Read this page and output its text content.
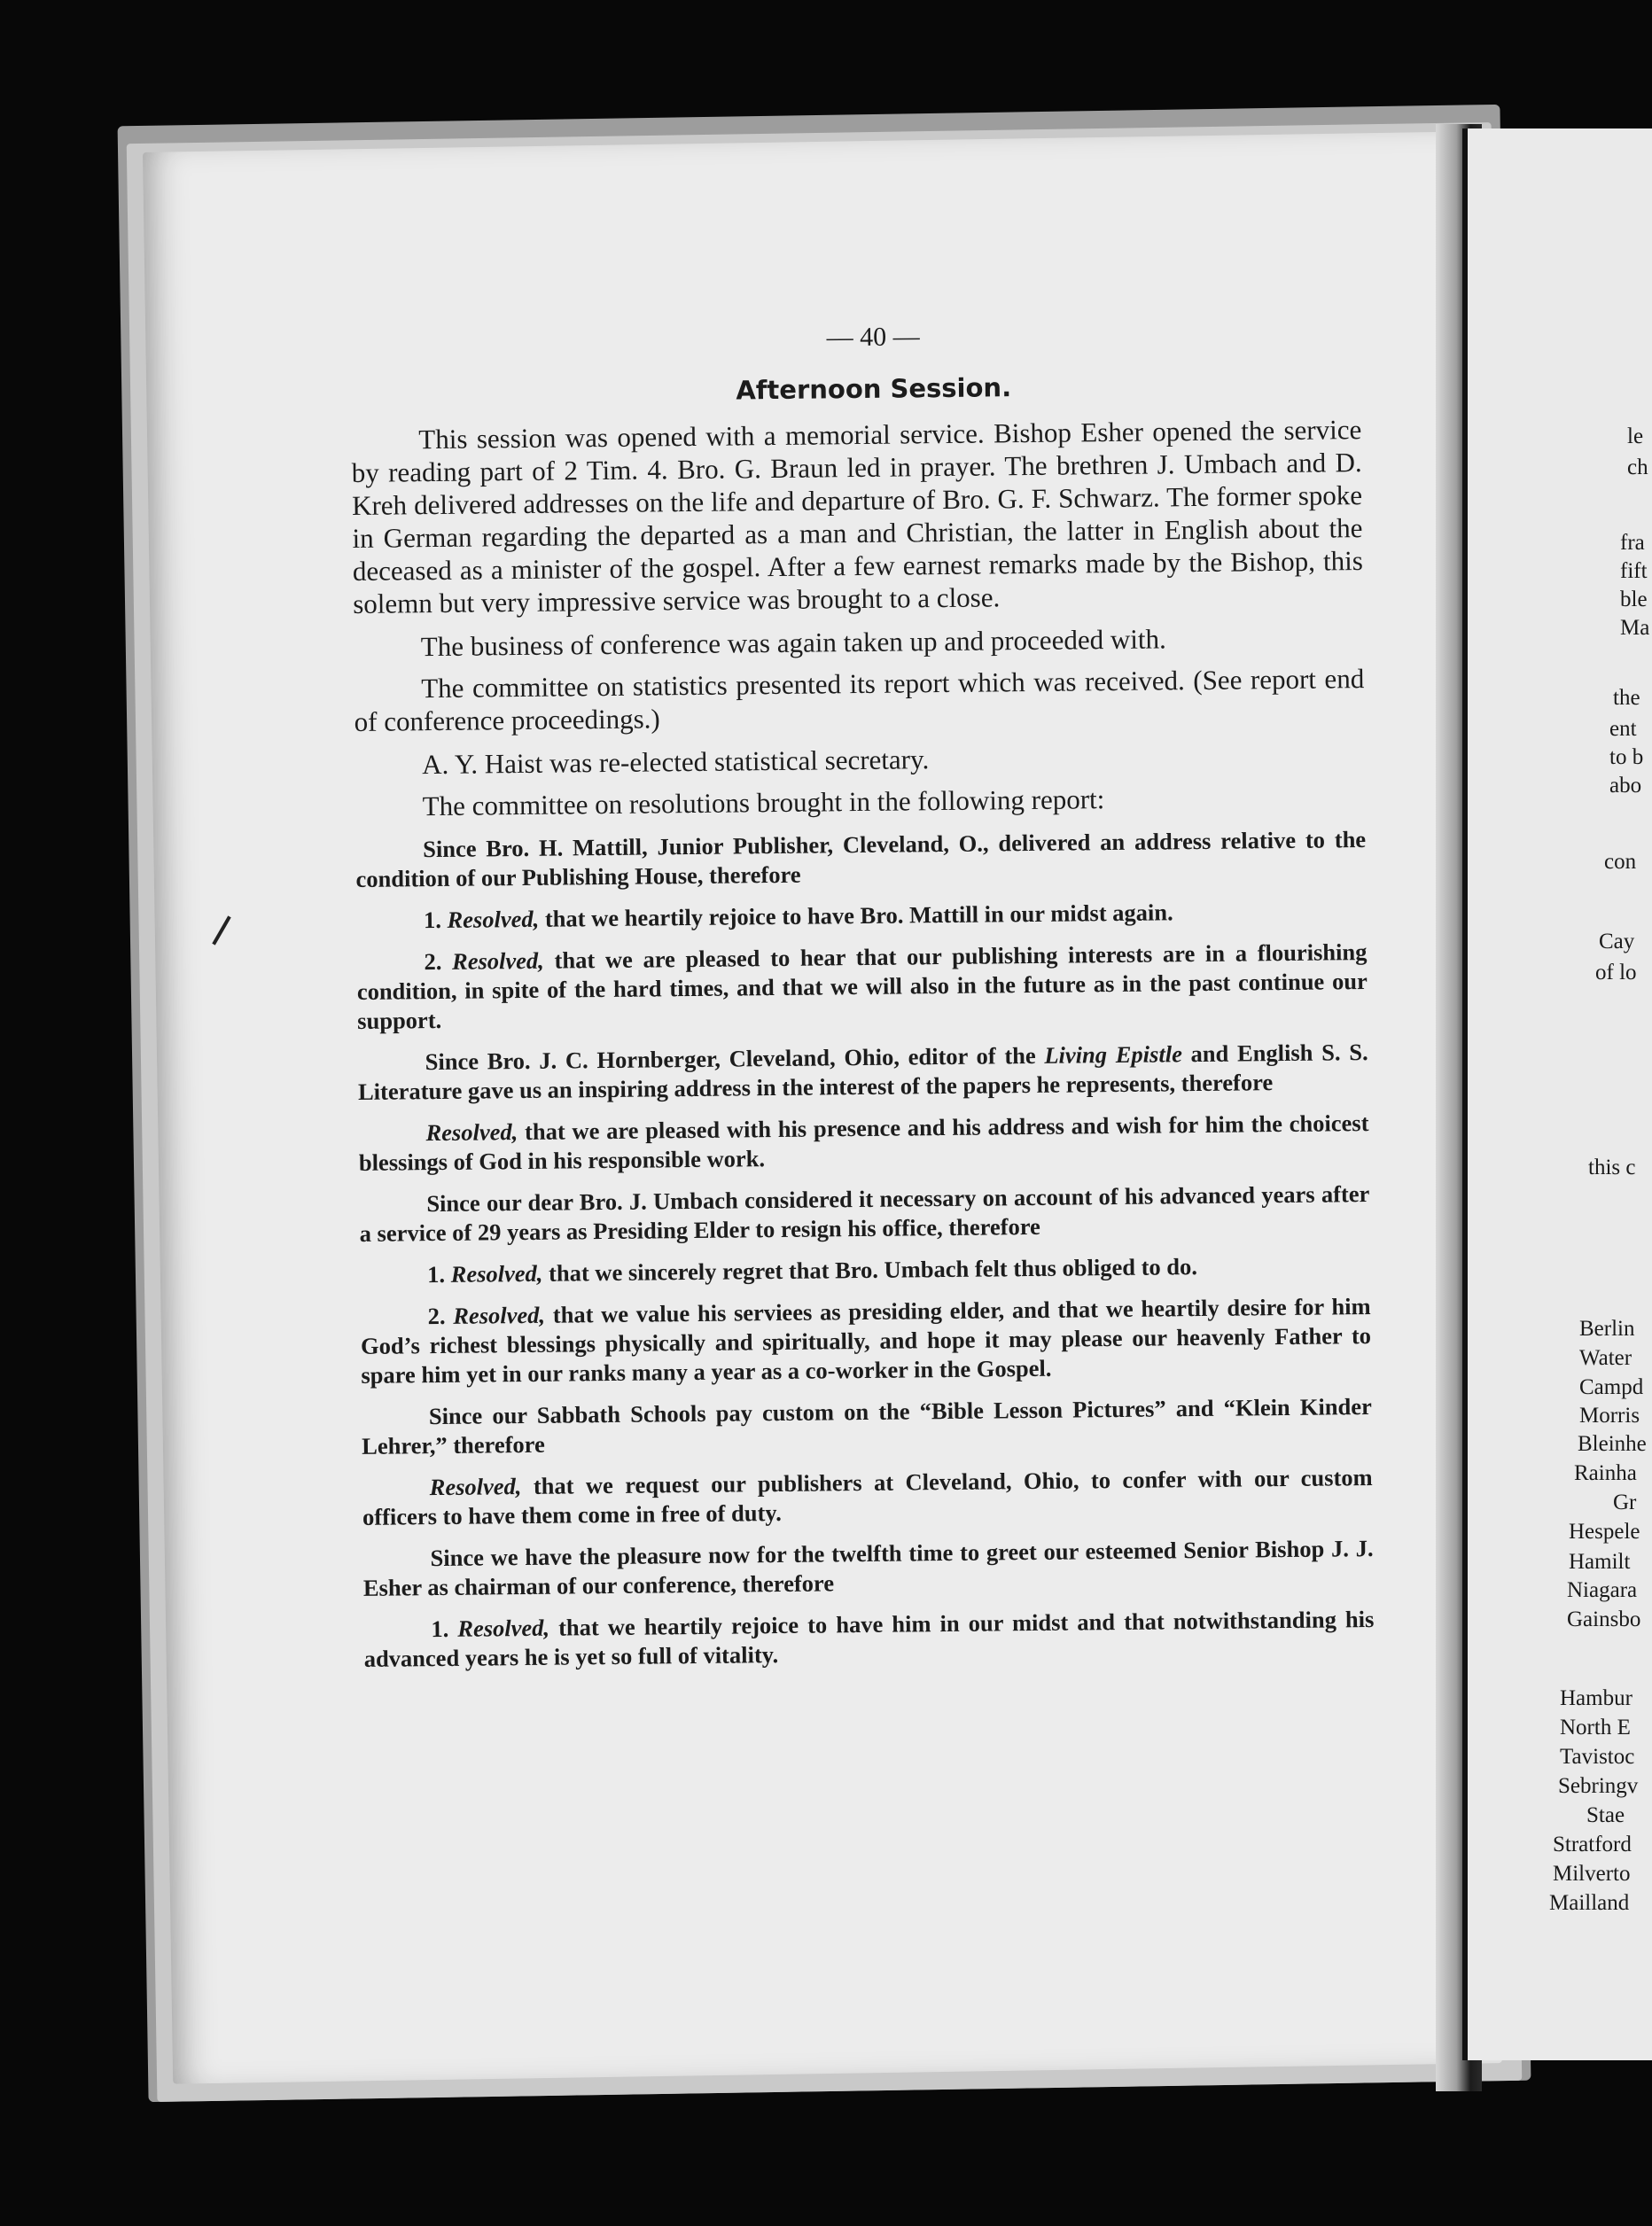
le
ch
fra
fift
ble
Ma
the
ent
to b
abo
con
Cay
of lo
this c
Berlin
Water
Campd
Morris
Bleinhe
Rainha
Gr
Hespele
Hamilt
Niagara
Gainsbo
Hambur
North E
Tavistoc
Sebringv
Stae
Stratford
Milverto
Mailland
— 40 —
Afternoon Session.

This session was opened with a memorial service. Bishop Esher opened the service by reading part of 2 Tim. 4. Bro. G. Braun led in prayer. The brethren J. Umbach and D. Kreh delivered addresses on the life and departure of Bro. G. F. Schwarz. The former spoke in German regarding the departed as a man and Christian, the latter in English about the deceased as a minister of the gospel. After a few earnest remarks made by the Bishop, this solemn but very impressive service was brought to a close.

The business of conference was again taken up and proceeded with.

The committee on statistics presented its report which was received. (See report end of conference proceedings.)

A. Y. Haist was re-elected statistical secretary.

The committee on resolutions brought in the following report:

Since Bro. H. Mattill, Junior Publisher, Cleveland, O., delivered an address relative to the condition of our Publishing House, therefore

1. Resolved, that we heartily rejoice to have Bro. Mattill in our midst again.

2. Resolved, that we are pleased to hear that our publishing interests are in a flourishing condition, in spite of the hard times, and that we will also in the future as in the past continue our support.

Since Bro. J. C. Hornberger, Cleveland, Ohio, editor of the Living Epistle and English S. S. Literature gave us an inspiring address in the interest of the papers he represents, therefore

Resolved, that we are pleased with his presence and his address and wish for him the choicest blessings of God in his responsible work.

Since our dear Bro. J. Umbach considered it necessary on account of his advanced years after a service of 29 years as Presiding Elder to resign his office, therefore

1. Resolved, that we sincerely regret that Bro. Umbach felt thus obliged to do.

2. Resolved, that we value his serviees as presiding elder, and that we heartily desire for him God’s richest blessings physically and spiritually, and hope it may please our heavenly Father to spare him yet in our ranks many a year as a co-worker in the Gospel.

Since our Sabbath Schools pay custom on the “Bible Lesson Pictures” and “Klein Kinder Lehrer,” therefore

Resolved, that we request our publishers at Cleveland, Ohio, to confer with our custom officers to have them come in free of duty.

Since we have the pleasure now for the twelfth time to greet our esteemed Senior Bishop J. J. Esher as chairman of our conference, therefore

1. Resolved, that we heartily rejoice to have him in our midst and that notwithstanding his advanced years he is yet so full of vitality.
